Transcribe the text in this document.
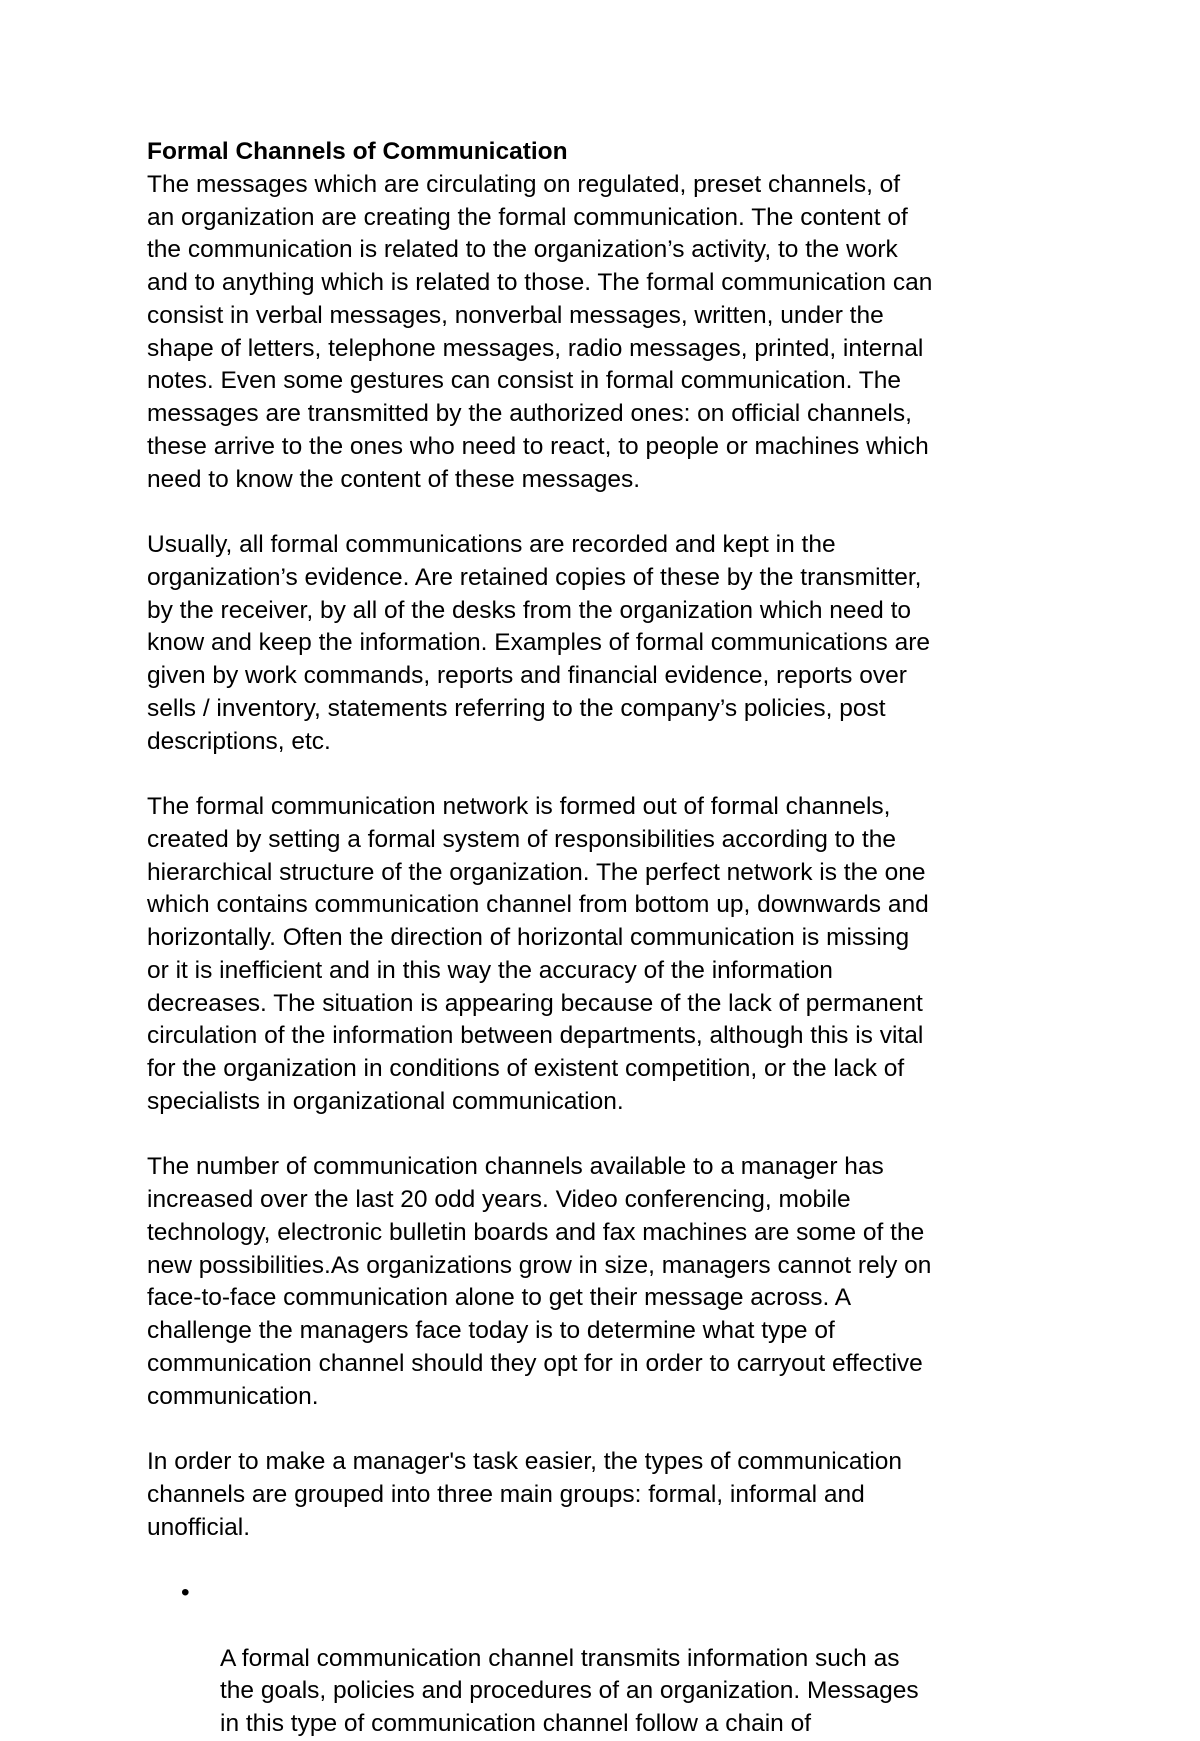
Formal Channels of Communication

The messages which are circulating on regulated, preset channels, of
an organization are creating the formal communication. The content of
the communication is related to the organization’s activity, to the work
and to anything which is related to those. The formal communication can
consist in verbal messages, nonverbal messages, written, under the
shape of letters, telephone messages, radio messages, printed, internal
notes. Even some gestures can consist in formal communication. The
messages are transmitted by the authorized ones: on official channels,
these arrive to the ones who need to react, to people or machines which
need to know the content of these messages.

Usually, all formal communications are recorded and kept in the
organization’s evidence. Are retained copies of these by the transmitter,
by the receiver, by all of the desks from the organization which need to
know and keep the information. Examples of formal communications are
given by work commands, reports and financial evidence, reports over
sells / inventory, statements referring to the company’s policies, post
descriptions, etc.

The formal communication network is formed out of formal channels,
created by setting a formal system of responsibilities according to the
hierarchical structure of the organization. The perfect network is the one
which contains communication channel from bottom up, downwards and
horizontally. Often the direction of horizontal communication is missing
or it is inefficient and in this way the accuracy of the information
decreases. The situation is appearing because of the lack of permanent
circulation of the information between departments, although this is vital
for the organization in conditions of existent competition, or the lack of
specialists in organizational communication.

The number of communication channels available to a manager has
increased over the last 20 odd years. Video conferencing, mobile
technology, electronic bulletin boards and fax machines are some of the
new possibilities.As organizations grow in size, managers cannot rely on
face-to-face communication alone to get their message across. A
challenge the managers face today is to determine what type of
communication channel should they opt for in order to carryout effective
communication.

In order to make a manager's task easier, the types of communication
channels are grouped into three main groups: formal, informal and
unofficial.

•

A formal communication channel transmits information such as
the goals, policies and procedures of an organization. Messages
in this type of communication channel follow a chain of
